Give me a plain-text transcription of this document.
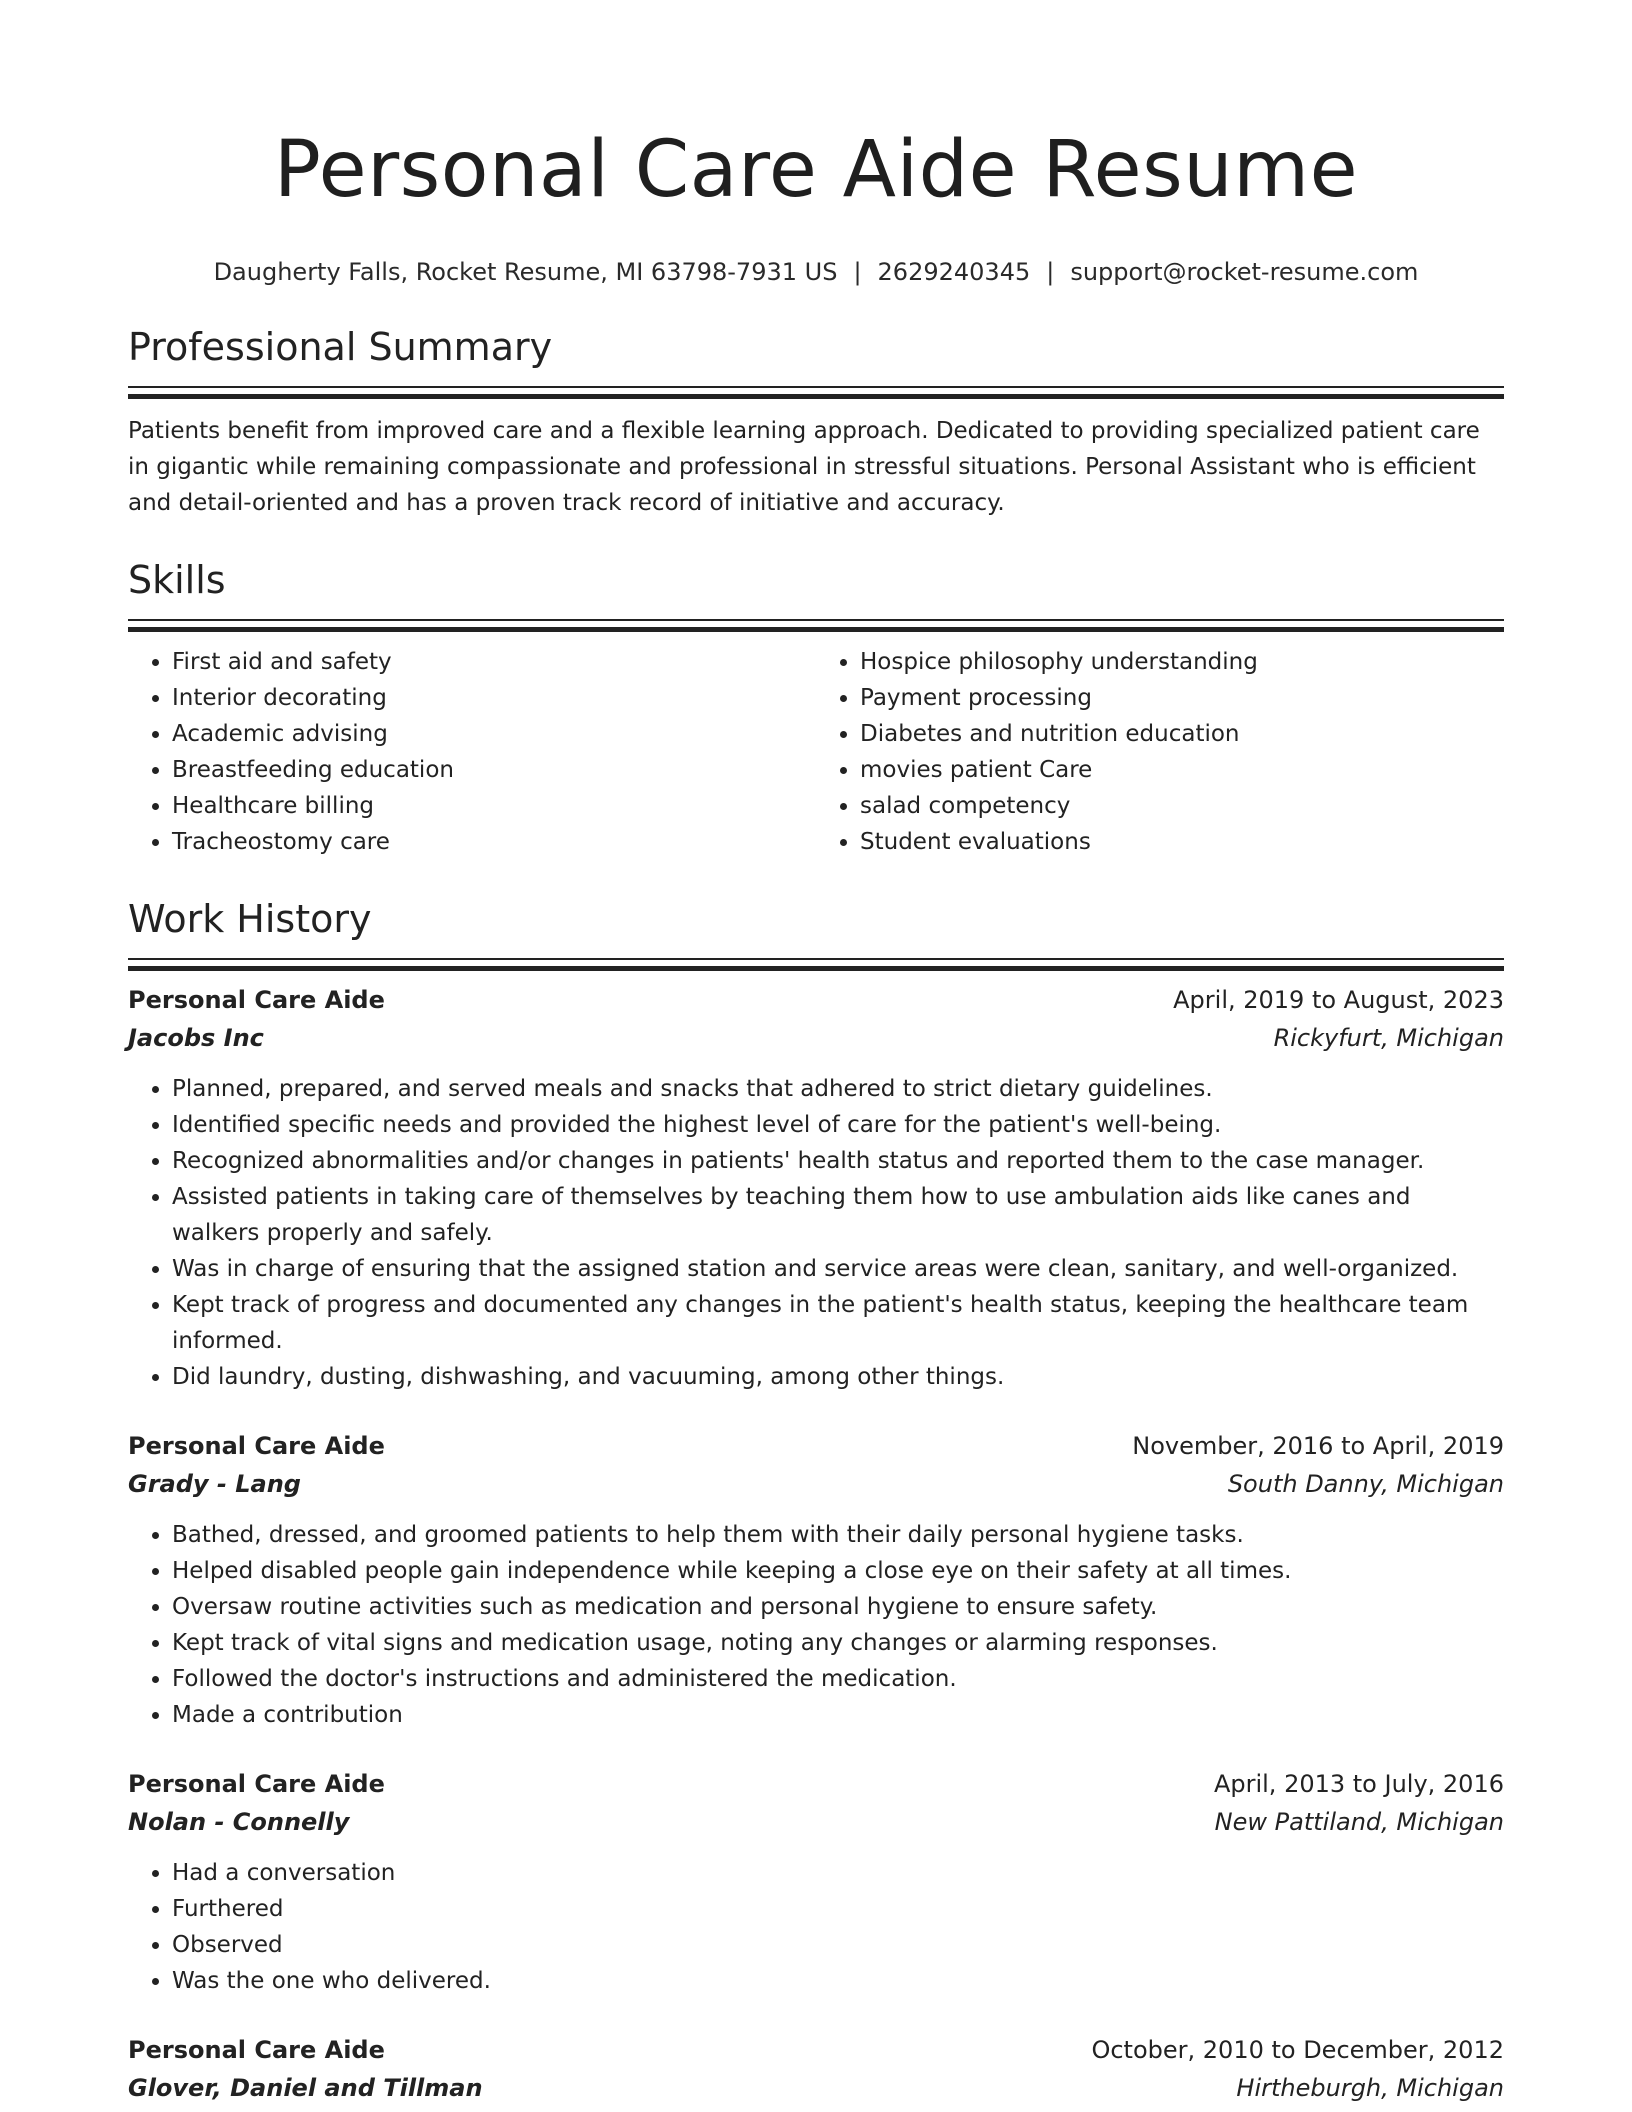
Personal Care Aide Resume
Daugherty Falls, Rocket Resume, MI 63798-7931 US | 2629240345 | support@rocket-resume.com
Professional Summary
Patients benefit from improved care and a flexible learning approach. Dedicated to providing specialized patient care in gigantic while remaining compassionate and professional in stressful situations. Personal Assistant who is efficient and detail-oriented and has a proven track record of initiative and accuracy.
Skills
• First aid and safety
• Interior decorating
• Academic advising
• Breastfeeding education
• Healthcare billing
• Tracheostomy care
• Hospice philosophy understanding
• Payment processing
• Diabetes and nutrition education
• movies patient Care
• salad competency
• Student evaluations
Work History
Personal Care Aide	April, 2019 to August, 2023
Jacobs Inc	Rickyfurt, Michigan
• Planned, prepared, and served meals and snacks that adhered to strict dietary guidelines.
• Identified specific needs and provided the highest level of care for the patient's well-being.
• Recognized abnormalities and/or changes in patients' health status and reported them to the case manager.
• Assisted patients in taking care of themselves by teaching them how to use ambulation aids like canes and walkers properly and safely.
• Was in charge of ensuring that the assigned station and service areas were clean, sanitary, and well-organized.
• Kept track of progress and documented any changes in the patient's health status, keeping the healthcare team informed.
• Did laundry, dusting, dishwashing, and vacuuming, among other things.
Personal Care Aide	November, 2016 to April, 2019
Grady - Lang	South Danny, Michigan
• Bathed, dressed, and groomed patients to help them with their daily personal hygiene tasks.
• Helped disabled people gain independence while keeping a close eye on their safety at all times.
• Oversaw routine activities such as medication and personal hygiene to ensure safety.
• Kept track of vital signs and medication usage, noting any changes or alarming responses.
• Followed the doctor's instructions and administered the medication.
• Made a contribution
Personal Care Aide	April, 2013 to July, 2016
Nolan - Connelly	New Pattiland, Michigan
• Had a conversation
• Furthered
• Observed
• Was the one who delivered.
Personal Care Aide	October, 2010 to December, 2012
Glover, Daniel and Tillman	Hirtheburgh, Michigan
